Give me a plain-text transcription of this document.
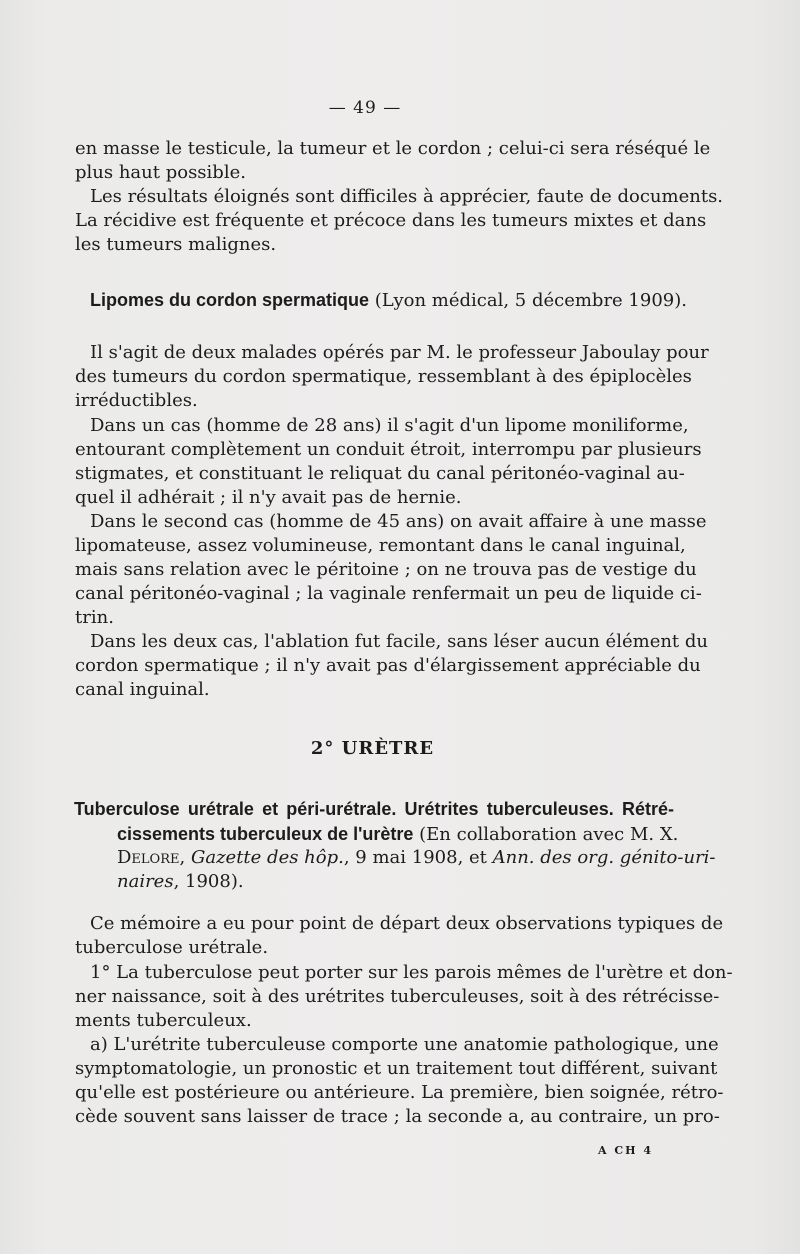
— 49 —
en masse le testicule, la tumeur et le cordon ; celui-ci sera réséqué le
plus haut possible.
Les résultats éloignés sont difficiles à apprécier, faute de documents.
La récidive est fréquente et précoce dans les tumeurs mixtes et dans
les tumeurs malignes.
Lipomes du cordon spermatique (Lyon médical, 5 décembre 1909).
Il s'agit de deux malades opérés par M. le professeur Jaboulay pour
des tumeurs du cordon spermatique, ressemblant à des épiplocèles
irréductibles.
Dans un cas (homme de 28 ans) il s'agit d'un lipome moniliforme,
entourant complètement un conduit étroit, interrompu par plusieurs
stigmates, et constituant le reliquat du canal péritonéo-vaginal au-
quel il adhérait ; il n'y avait pas de hernie.
Dans le second cas (homme de 45 ans) on avait affaire à une masse
lipomateuse, assez volumineuse, remontant dans le canal inguinal,
mais sans relation avec le péritoine ; on ne trouva pas de vestige du
canal péritonéo-vaginal ; la vaginale renfermait un peu de liquide ci-
trin.
Dans les deux cas, l'ablation fut facile, sans léser aucun élément du
cordon spermatique ; il n'y avait pas d'élargissement appréciable du
canal inguinal.
2° URÈTRE
Tuberculose urétrale et péri-urétrale. Urétrites tuberculeuses. Rétré-
cissements tuberculeux de l'urètre (En collaboration avec M. X.
Delore, Gazette des hôp., 9 mai 1908, et Ann. des org. génito-uri-
naires, 1908).
Ce mémoire a eu pour point de départ deux observations typiques de
tuberculose urétrale.
1° La tuberculose peut porter sur les parois mêmes de l'urètre et don-
ner naissance, soit à des urétrites tuberculeuses, soit à des rétrécisse-
ments tuberculeux.
a) L'urétrite tuberculeuse comporte une anatomie pathologique, une
symptomatologie, un pronostic et un traitement tout différent, suivant
qu'elle est postérieure ou antérieure. La première, bien soignée, rétro-
cède souvent sans laisser de trace ; la seconde a, au contraire, un pro-
A CH 4
